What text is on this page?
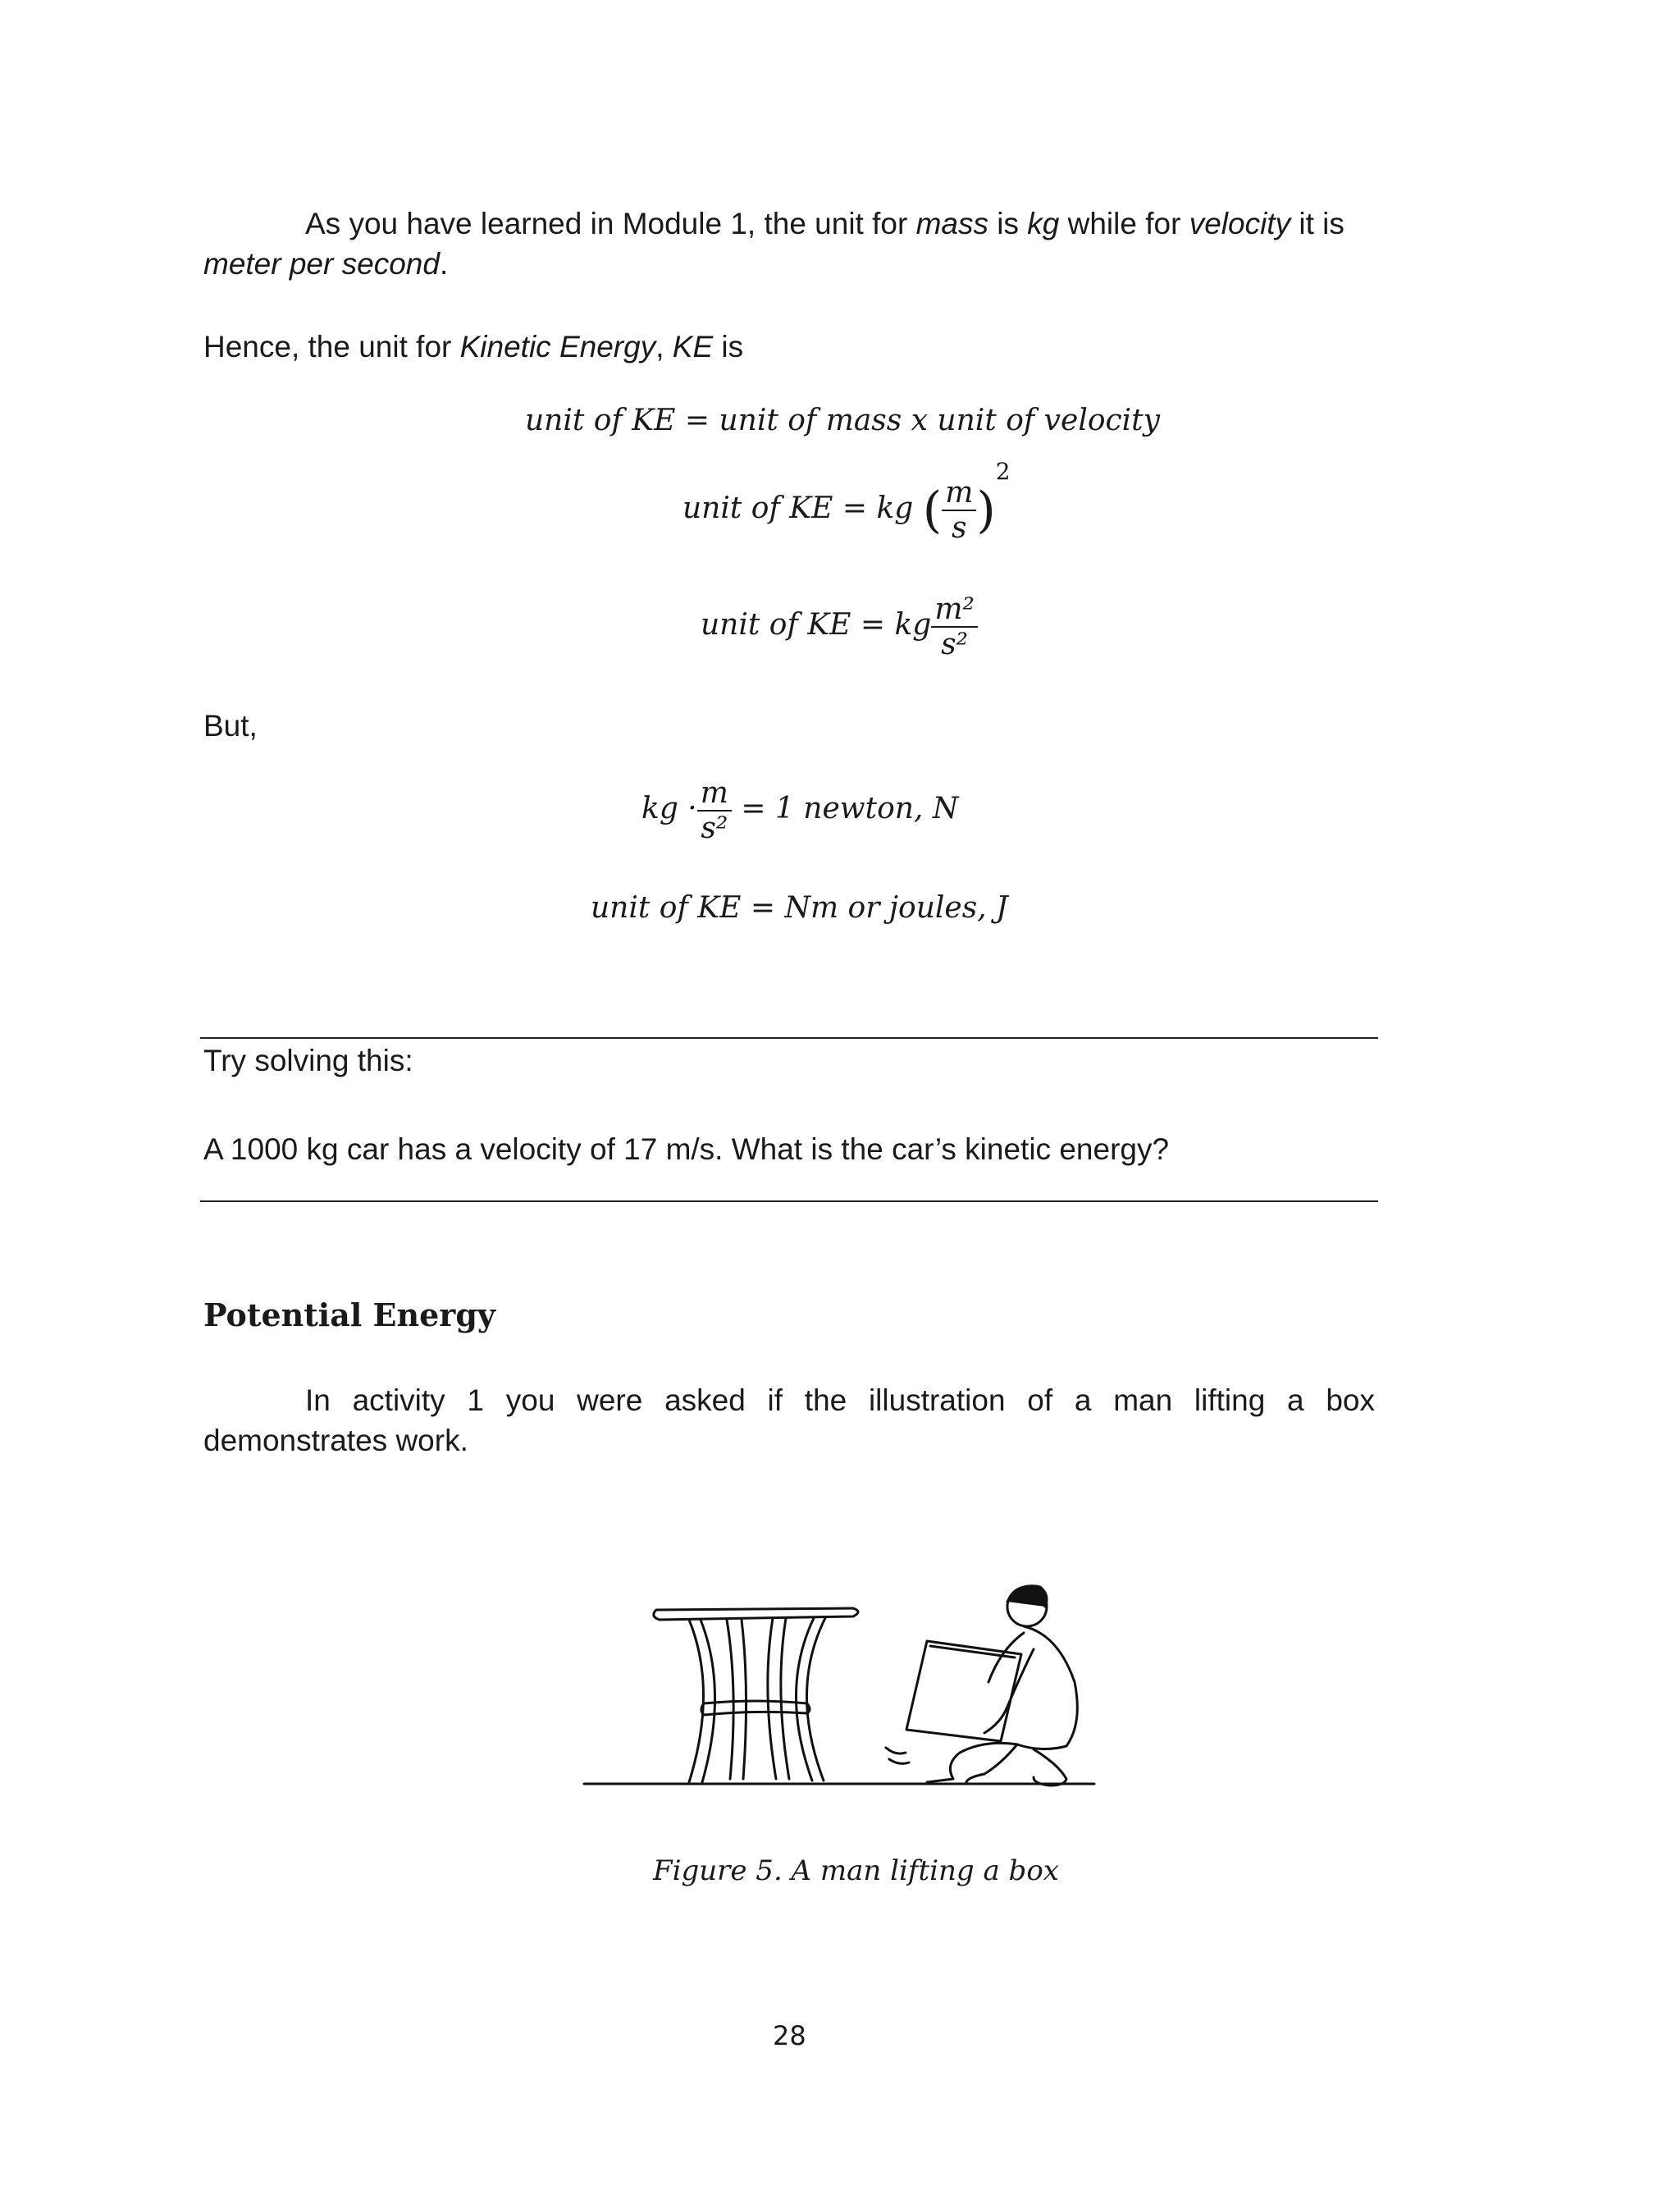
As you have learned in Module 1, the unit for mass is kg while for velocity it is
meter per second.
Hence, the unit for Kinetic Energy, KE is
unit of KE = unit of mass x unit of velocity
unit of KE = kg ( $\frac{m}{s} )^2$
unit of KE = kg $\frac{\text{m²}}{\text{s²}}$
But,
kg · $\frac{m}{\text{s²}} = 1$ newton, N
unit of KE = Nm or joules, J
Try solving this:
A 1000 kg car has a velocity of 17 m/s. What is the car’s kinetic energy?
Potential Energy
In activity 1 you were asked if the illustration of a man lifting a box
demonstrates work.
Figure 5. A man lifting a box
28
